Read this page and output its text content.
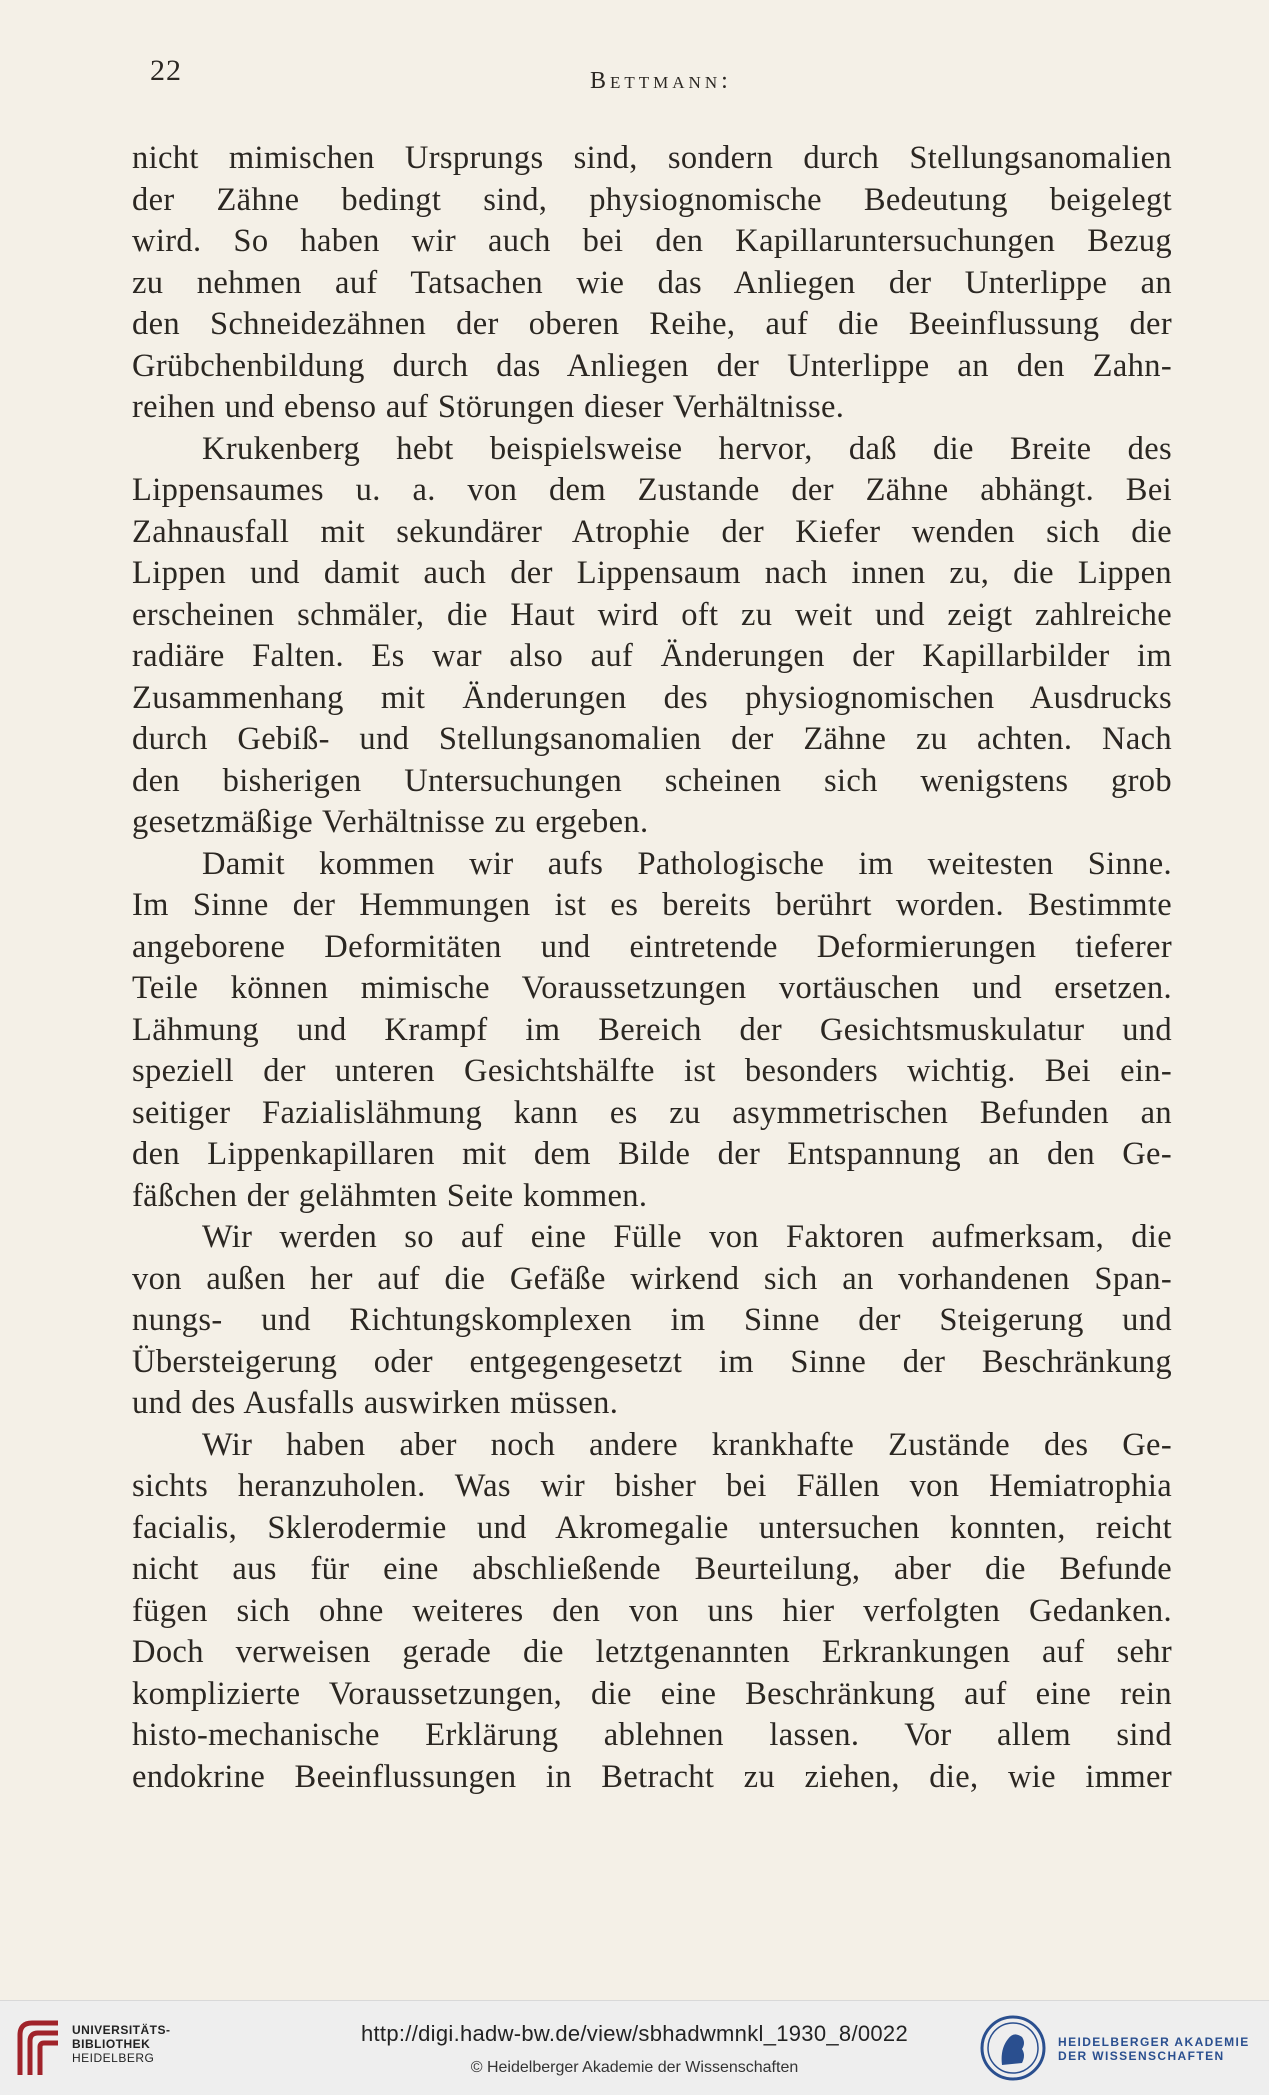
22	Bettmann:
nicht mimischen Ursprungs sind, sondern durch Stellungsanomalien
der Zähne bedingt sind, physiognomische Bedeutung beigelegt
wird. So haben wir auch bei den Kapillaruntersuchungen Bezug
zu nehmen auf Tatsachen wie das Anliegen der Unterlippe an
den Schneidezähnen der oberen Reihe, auf die Beeinflussung der
Grübchenbildung durch das Anliegen der Unterlippe an den Zahn-
reihen und ebenso auf Störungen dieser Verhältnisse.
Krukenberg hebt beispielsweise hervor, daß die Breite des
Lippensaumes u. a. von dem Zustande der Zähne abhängt. Bei
Zahnausfall mit sekundärer Atrophie der Kiefer wenden sich die
Lippen und damit auch der Lippensaum nach innen zu, die Lippen
erscheinen schmäler, die Haut wird oft zu weit und zeigt zahlreiche
radiäre Falten. Es war also auf Änderungen der Kapillarbilder im
Zusammenhang mit Änderungen des physiognomischen Ausdrucks
durch Gebiß- und Stellungsanomalien der Zähne zu achten. Nach
den bisherigen Untersuchungen scheinen sich wenigstens grob
gesetzmäßige Verhältnisse zu ergeben.
Damit kommen wir aufs Pathologische im weitesten Sinne.
Im Sinne der Hemmungen ist es bereits berührt worden. Bestimmte
angeborene Deformitäten und eintretende Deformierungen tieferer
Teile können mimische Voraussetzungen vortäuschen und ersetzen.
Lähmung und Krampf im Bereich der Gesichtsmuskulatur und
speziell der unteren Gesichtshälfte ist besonders wichtig. Bei ein-
seitiger Fazialislähmung kann es zu asymmetrischen Befunden an
den Lippenkapillaren mit dem Bilde der Entspannung an den Ge-
fäßchen der gelähmten Seite kommen.
Wir werden so auf eine Fülle von Faktoren aufmerksam, die
von außen her auf die Gefäße wirkend sich an vorhandenen Span-
nungs- und Richtungskomplexen im Sinne der Steigerung und
Übersteigerung oder entgegengesetzt im Sinne der Beschränkung
und des Ausfalls auswirken müssen.
Wir haben aber noch andere krankhafte Zustände des Ge-
sichts heranzuholen. Was wir bisher bei Fällen von Hemiatrophia
facialis, Sklerodermie und Akromegalie untersuchen konnten, reicht
nicht aus für eine abschließende Beurteilung, aber die Befunde
fügen sich ohne weiteres den von uns hier verfolgten Gedanken.
Doch verweisen gerade die letztgenannten Erkrankungen auf sehr
komplizierte Voraussetzungen, die eine Beschränkung auf eine rein
histo-mechanische Erklärung ablehnen lassen. Vor allem sind
endokrine Beeinflussungen in Betracht zu ziehen, die, wie immer
UNIVERSITÄTS-
BIBLIOTHEK
HEIDELBERG
http://digi.hadw-bw.de/view/sbhadwmnkl_1930_8/0022
© Heidelberger Akademie der Wissenschaften
HEIDELBERGER AKADEMIE
DER WISSENSCHAFTEN
